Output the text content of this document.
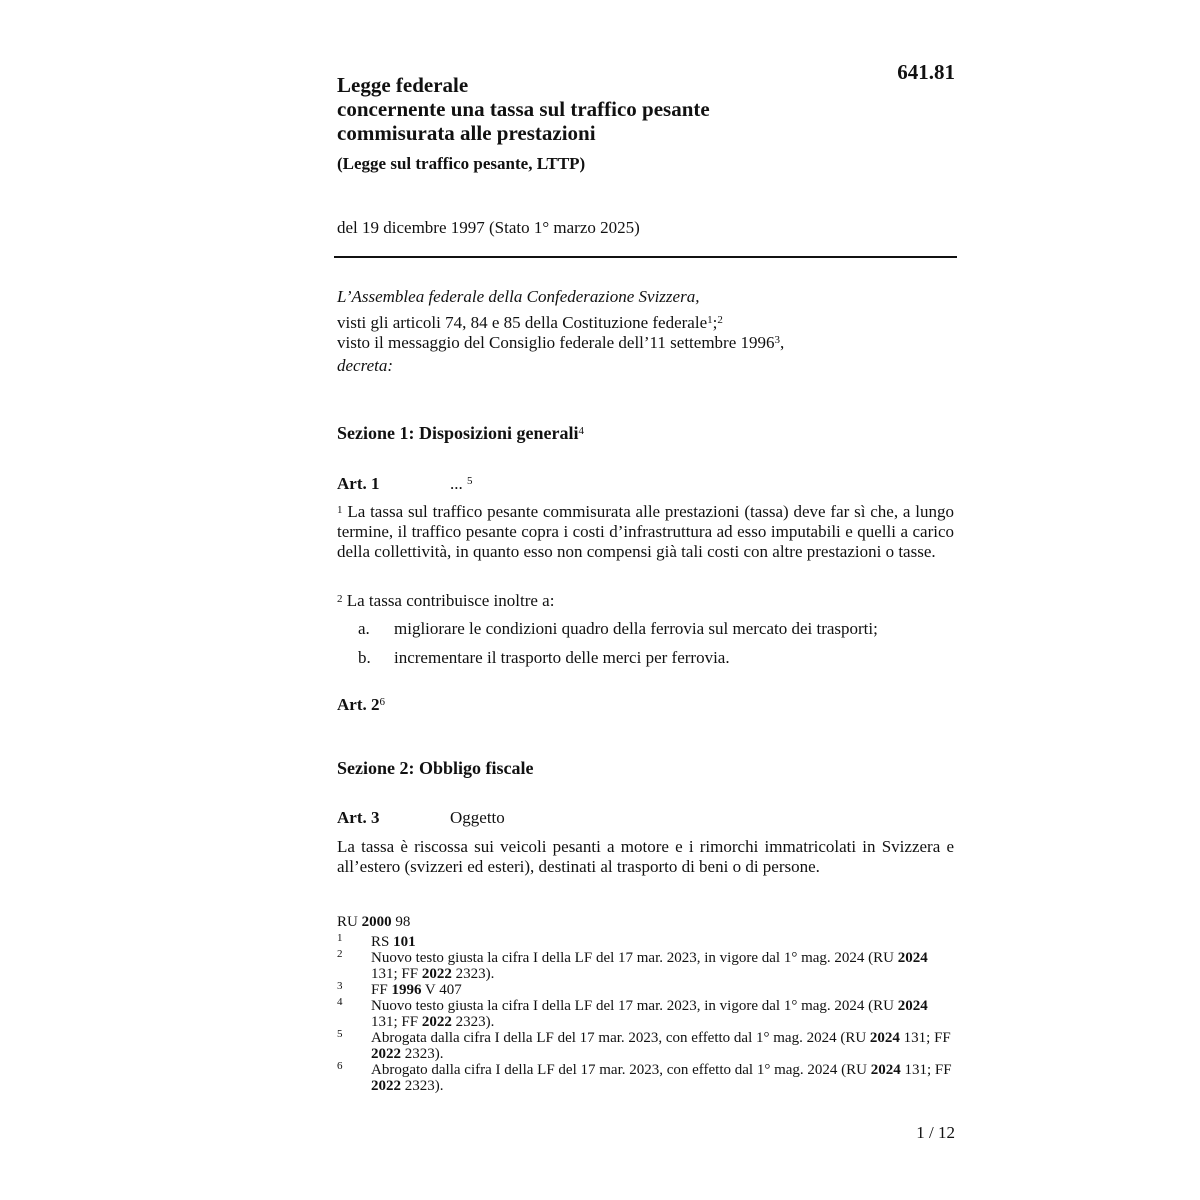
641.81
Legge federale
concernente una tassa sul traffico pesante
commisurata alle prestazioni
(Legge sul traffico pesante, LTTP)
del 19 dicembre 1997 (Stato 1° marzo 2025)
L’Assemblea federale della Confederazione Svizzera,
visti gli articoli 74, 84 e 85 della Costituzione federale$^1$;$^2$
visto il messaggio del Consiglio federale dell’11 settembre 1996$^3$,
decreta:
Sezione 1: Disposizioni generali$^4$
Art. 1	... $^5$
$^1$ La tassa sul traffico pesante commisurata alle prestazioni (tassa) deve far sì che, a lungo termine, il traffico pesante copra i costi d’infrastruttura ad esso imputabili e quelli a carico della collettività, in quanto esso non compensi già tali costi con altre prestazioni o tasse.
$^2$ La tassa contribuisce inoltre a:
a. migliorare le condizioni quadro della ferrovia sul mercato dei trasporti;
b. incrementare il trasporto delle merci per ferrovia.
Art. $2^6$
Sezione 2: Obbligo fiscale
Art. 3	Oggetto
La tassa è riscossa sui veicoli pesanti a motore e i rimorchi immatricolati in Svizzera e all’estero (svizzeri ed esteri), destinati al trasporto di beni o di persone.
RU 2000 98
1 RS 101
2 Nuovo testo giusta la cifra I della LF del 17 mar. 2023, in vigore dal 1° mag. 2024 (RU 2024 131; FF 2022 2323).
3 FF 1996 V 407
4 Nuovo testo giusta la cifra I della LF del 17 mar. 2023, in vigore dal 1° mag. 2024 (RU 2024 131; FF 2022 2323).
5 Abrogata dalla cifra I della LF del 17 mar. 2023, con effetto dal 1° mag. 2024 (RU 2024 131; FF 2022 2323).
6 Abrogato dalla cifra I della LF del 17 mar. 2023, con effetto dal 1° mag. 2024 (RU 2024 131; FF 2022 2323).
1 / 12
